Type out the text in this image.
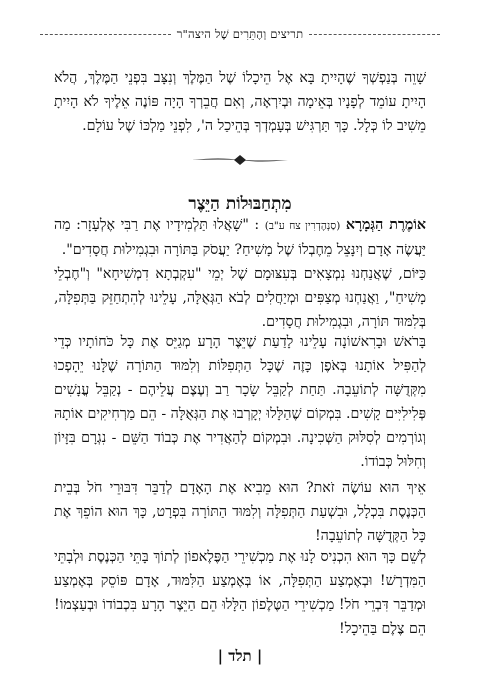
תריצים וְהֶתֵּרִים שֶׁל היצה"ר

שָׁוֵה בְּנַפְשְׁךָ שֶׁהָיִיתָ בָּא אֶל הֵיכָלוֹ שֶׁל הַמֶּלֶךְ וְנִצָּב בִּפְנֵי הַמֶּלֶךְ, הֲלֹא הָיִיתָ עוֹמֵד לְפָנָיו בְּאֵימָה וּבְיִרְאָה, וְאִם חֲבֵרְךָ הָיָה פּוֹנֶה אֵלֶיךָ לֹא הָיִיתָ מֵשִׁיב לוֹ כְּלָל. כָּךְ תַּרְגִּישׁ בְּעָמְדְךָ בְּהֵיכַל ה', לִפְנֵי מַלְכּוֹ שֶׁל עוֹלָם.

מִתְחַבּוּלוֹת הַיֵּצֶר

אוֹמֶרֶת הַגְּמָרָא (סַנְהֶדְרִין צח ע"ב) : "שָׁאֲלוּ תַּלְמִידָיו אֶת רַבִּי אֶלְעָזָר: מַה יַּעֲשֶׂה אָדָם וְיִנָּצֵל מֵחֶבְלוֹ שֶׁל מָשִׁיחַ? יַעֲסֹק בַּתּוֹרָה וּבִגְמִילוּת חֲסָדִים".

כַּיּוֹם, שֶׁאֲנַחְנוּ נִמְצָאִים בְּעִצּוּמָם שֶׁל יְמֵי "עִקְבְתָא דִמְשִׁיחָא" וְ"חֶבְלֵי מָשִׁיחַ", וַאֲנַחְנוּ מְצַפִּים וּמְיַחֲלִים לְבֹא הַגְּאֻלָּה, עָלֵינוּ לְהִתְחַזֵּק בַּתְּפִלָּה, בְּלִמּוּד תּוֹרָה, וּבִגְמִילוּת חֲסָדִים.

בָּרֹאשׁ וּבָרִאשׁוֹנָה עָלֵינוּ לָדַעַת שֶׁיֵּצֶר הָרָע מְגַיֵּס אֶת כָּל כֹּחוֹתָיו כְּדֵי לְהַפִּיל אוֹתָנוּ בְּאֹפֶן כָּזֶה שֶׁכָּל הַתְּפִלּוֹת וְלִמּוּד הַתּוֹרָה שֶׁלָּנוּ יֵהָפְכוּ מִקְּדֻשָּׁה לְתוֹעֵבָה. תַּחַת לְקַבֵּל שָׂכָר רַב וְעֶצֶם עֲלֵיהֶם - נְקַבֵּל עֳנָשִׁים פְּלִילִיִּים קָשִׁים. בִּמְקוֹם שֶׁהַלָּלוּ יְקָרְבוּ אֶת הַגְּאֻלָּה - הֵם מַרְחִיקִים אוֹתָהּ וְגוֹרְמִים לְסִלּוּק הַשְּׁכִינָה. וּבִמְקוֹם לְהַאֲדִיר אֶת כְּבוֹד הַשֵּׁם - נִגְרָם בִּזָּיוֹן וְחִלּוּל כְּבוֹדוֹ.

אֵיךְ הוּא עוֹשֶׂה זֹאת? הוּא מֵבִיא אֶת הָאָדָם לְדַבֵּר דִּבּוּרֵי חֹל בְּבֵית הַכְּנֶסֶת בִּכְלָל, וּבִשְׁעַת הַתְּפִלָּה וְלִמּוּד הַתּוֹרָה בִּפְרָט, כָּךְ הוּא הוֹפֵךְ אֶת כָּל הַקְּדֻשָּׁה לְתוֹעֵבָה!

לְשֵׁם כָּךְ הוּא הִכְנִיס לָנוּ אֶת מַכְשִׁירֵי הַפֶּלֶאפוֹן לְתוֹךְ בָּתֵּי הַכְּנֶסֶת וּלְבָתֵּי הַמִּדְרָשׁ! וּבְאֶמְצַע הַתְּפִלָּה, אוֹ בְּאֶמְצַע הַלִּמּוּד, אָדָם פּוֹסֵק בְּאֶמְצַע וּמְדַבֵּר דִּבְרֵי חֹל! מַכְשִׁירֵי הַטֶּלֶפוֹן הַלָּלוּ הֵם הַיֵּצֶר הָרָע בִּכְבוֹדוֹ וּבְעַצְמוֹ! הֵם צֶלֶם בַּהֵיכָל!

| תלד |
